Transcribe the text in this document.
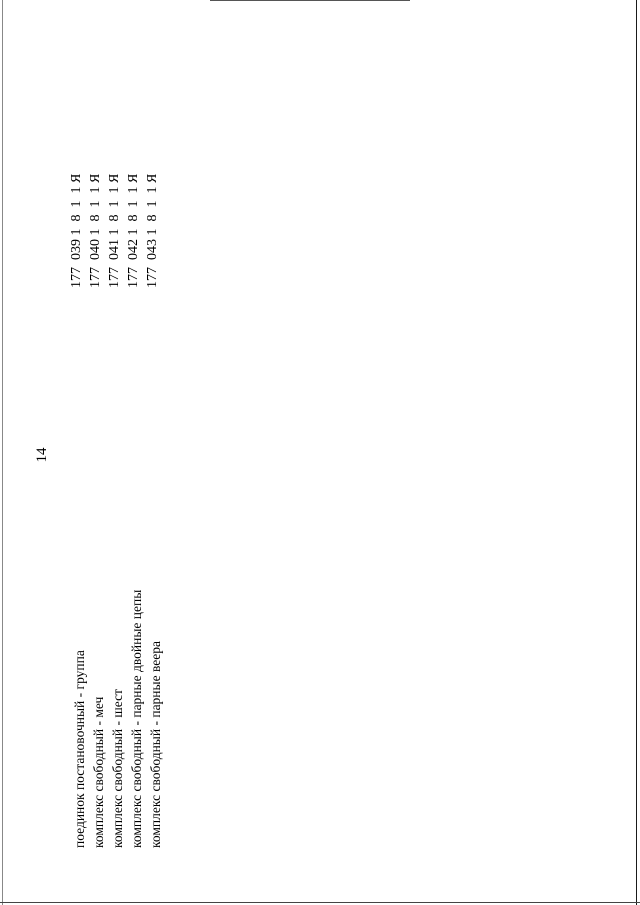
14
поединок постановочный - группа комплекс свободный - меч комплекс свободный - шест комплекс свободный - парные двойные цепы комплекс свободный - парные веера
177  039 1  8  1  1 Я 177  040 1  8  1  1 Я 177  041 1  8  1  1 Я 177  042 1  8  1  1 Я 177  043 1  8  1  1 Я
